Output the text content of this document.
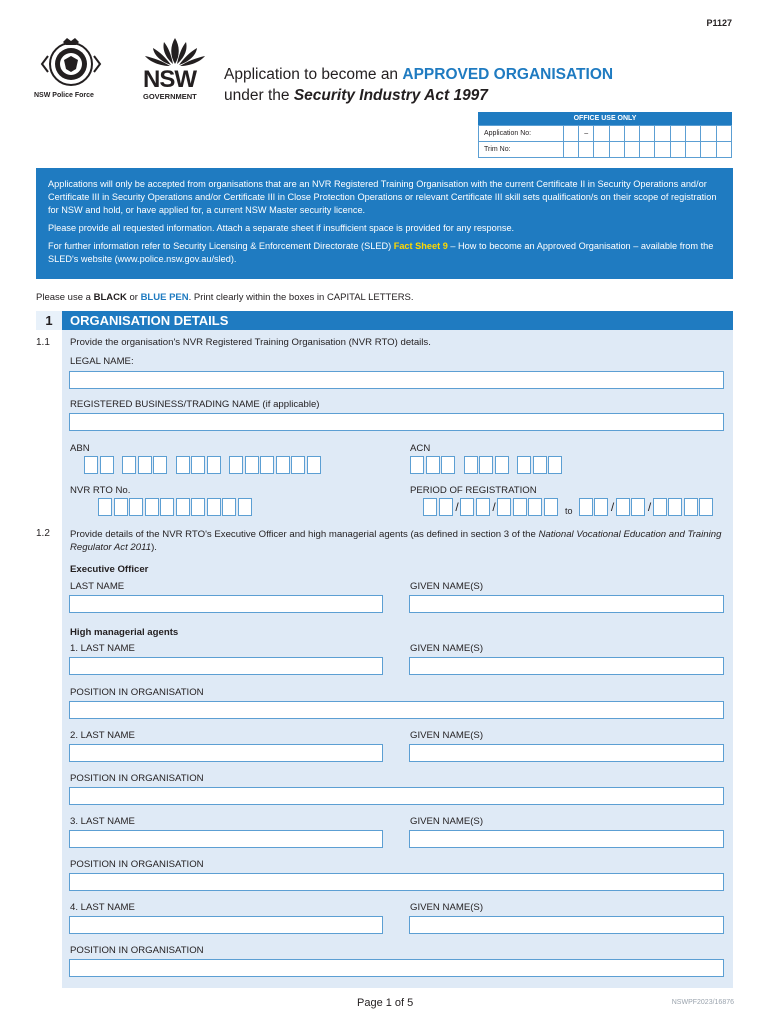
P1127
NSW Police Force
NSW
GOVERNMENT
Application to become an APPROVED ORGANISATION
under the Security Industry Act 1997
OFFICE USE ONLY
Application No:		–									
Trim No:											

Applications will only be accepted from organisations that are an NVR Registered Training Organisation with the current Certificate II in Security Operations and/or Certificate III in Security Operations and/or Certificate III in Close Protection Operations or relevant Certificate III skill sets qualification/s on their scope of registration for NSW and hold, or have applied for, a current NSW Master security licence.

Please provide all requested information. Attach a separate sheet if insufficient space is provided for any response.

For further information refer to Security Licensing & Enforcement Directorate (SLED) Fact Sheet 9 – How to become an Approved Organisation – available from the SLED's website (www.police.nsw.gov.au/sled).

Please use a BLACK or BLUE PEN. Print clearly within the boxes in CAPITAL LETTERS.
1	ORGANISATION DETAILS
1.1 Provide the organisation's NVR Registered Training Organisation (NVR RTO) details.
LEGAL NAME:
REGISTERED BUSINESS/TRADING NAME (if applicable)
ABN	ACN
NVR RTO No.	PERIOD OF REGISTRATION
/	/	to	/	/
1.2 Provide details of the NVR RTO's Executive Officer and high managerial agents (as defined in section 3 of the National Vocational Education and Training Regulator Act 2011).
Executive Officer
LAST NAME	GIVEN NAME(S)
High managerial agents
1. LAST NAME	GIVEN NAME(S)
POSITION IN ORGANISATION
2. LAST NAME	GIVEN NAME(S)
POSITION IN ORGANISATION
3. LAST NAME	GIVEN NAME(S)
POSITION IN ORGANISATION
4. LAST NAME	GIVEN NAME(S)
POSITION IN ORGANISATION
Page 1 of 5	NSWPF2023/16876
